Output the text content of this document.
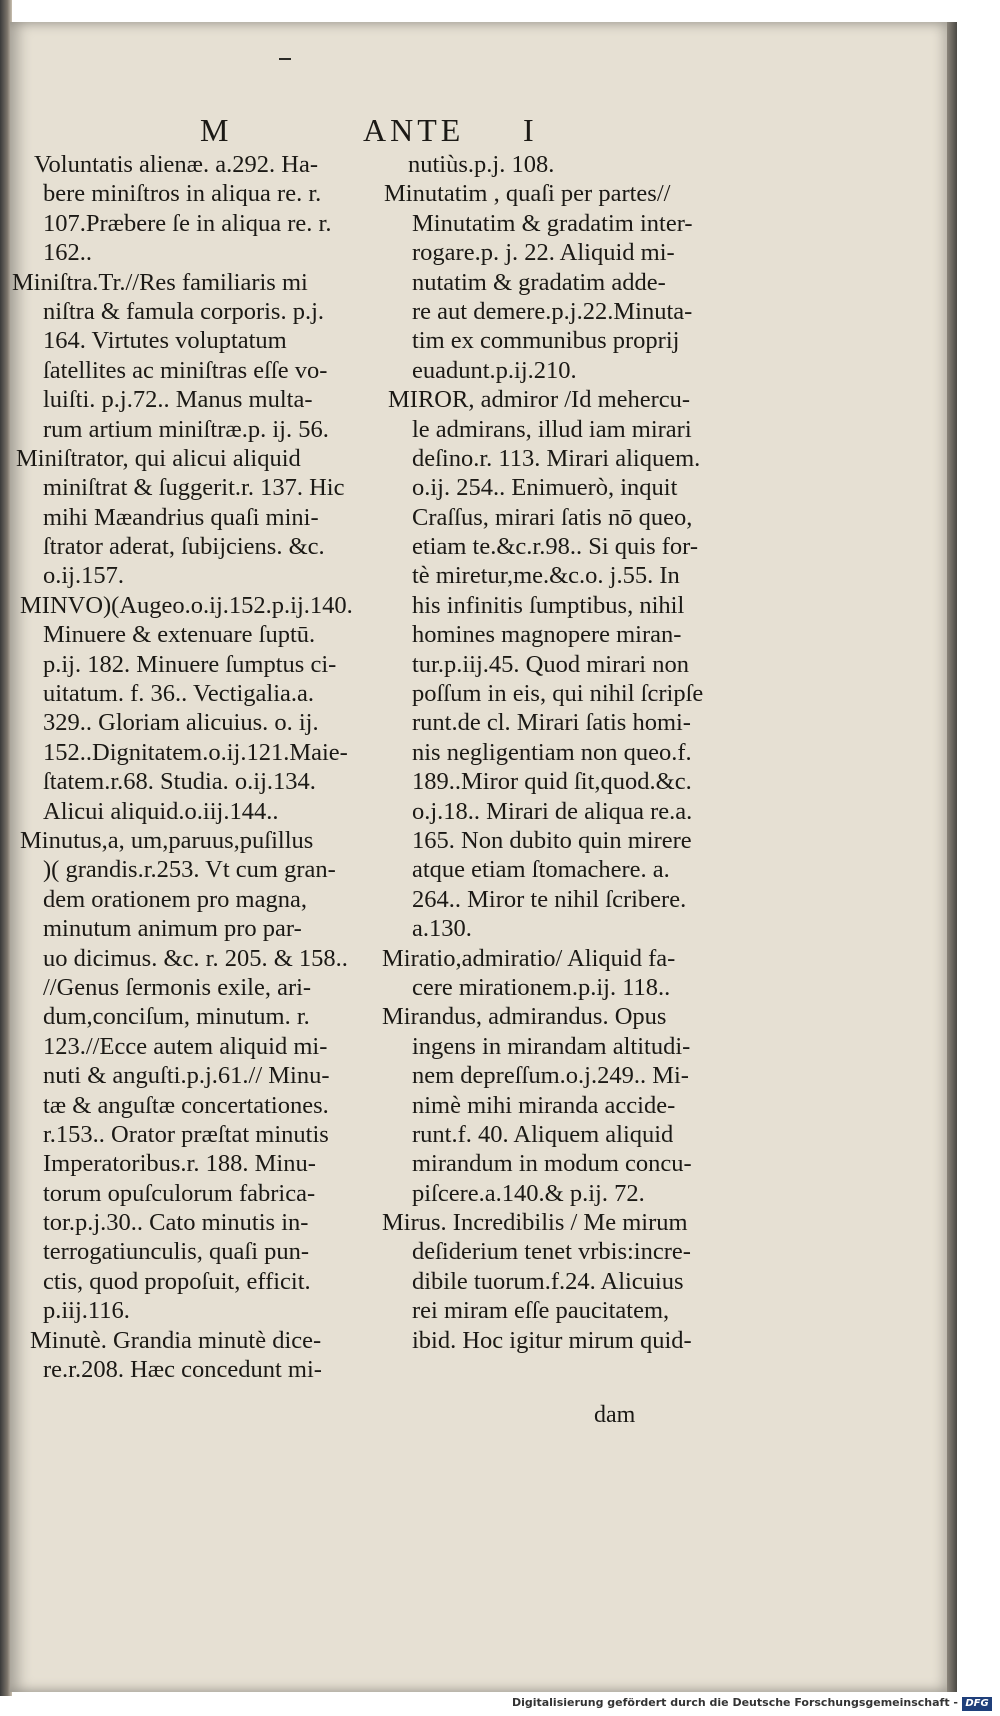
M	ANTE I
Voluntatis alienæ. a.292. Ha-
bere miniſtros in aliqua re. r.
107.Præbere ſe in aliqua re. r.
162..
Miniſtra.Tr.//Res familiaris mi
niſtra & famula corporis. p.j.
164. Virtutes voluptatum
ſatellites ac miniſtras eſſe vo-
luiſti. p.j.72.. Manus multa-
rum artium miniſtræ.p. ij. 56.
Miniſtrator, qui alicui aliquid
miniſtrat & ſuggerit.r. 137. Hic
mihi Mæandrius quaſi mini-
ſtrator aderat, ſubijciens. &c.
o.ij.157.
MINVO)(Augeo.o.ij.152.p.ij.140.
Minuere & extenuare ſuptū.
p.ij. 182. Minuere ſumptus ci-
uitatum. f. 36.. Vectigalia.a.
329.. Gloriam alicuius. o. ij.
152..Dignitatem.o.ij.121.Maie-
ſtatem.r.68. Studia. o.ij.134.
Alicui aliquid.o.iij.144..
Minutus,a, um,paruus,puſillus
)( grandis.r.253. Vt cum gran-
dem orationem pro magna,
minutum animum pro par-
uo dicimus. &c. r. 205. & 158..
//Genus ſermonis exile, ari-
dum,conciſum, minutum. r.
123.//Ecce autem aliquid mi-
nuti & anguſti.p.j.61.// Minu-
tæ & anguſtæ concertationes.
r.153.. Orator præſtat minutis
Imperatoribus.r. 188. Minu-
torum opuſculorum fabrica-
tor.p.j.30.. Cato minutis in-
terrogatiunculis, quaſi pun-
ctis, quod propoſuit, efficit.
p.iij.116.
Minutè. Grandia minutè dice-
re.r.208. Hæc concedunt mi-
nutiùs.p.j. 108.
Minutatim , quaſi per partes//
Minutatim & gradatim inter-
rogare.p. j. 22. Aliquid mi-
nutatim & gradatim adde-
re aut demere.p.j.22.Minuta-
tim ex communibus proprij
euadunt.p.ij.210.
MIROR, admiror /Id mehercu-
le admirans, illud iam mirari
deſino.r. 113. Mirari aliquem.
o.ij. 254.. Enimuerò, inquit
Craſſus, mirari ſatis nō queo,
etiam te.&c.r.98.. Si quis for-
tè miretur,me.&c.o. j.55. In
his infinitis ſumptibus, nihil
homines magnopere miran-
tur.p.iij.45. Quod mirari non
poſſum in eis, qui nihil ſcripſe
runt.de cl. Mirari ſatis homi-
nis negligentiam non queo.f.
189..Miror quid ſit,quod.&c.
o.j.18.. Mirari de aliqua re.a.
165. Non dubito quin mirere
atque etiam ſtomachere. a.
264.. Miror te nihil ſcribere.
a.130.
Miratio,admiratio/ Aliquid fa-
cere mirationem.p.ij. 118..
Mirandus, admirandus. Opus
ingens in mirandam altitudi-
nem depreſſum.o.j.249.. Mi-
nimè mihi miranda accide-
runt.f. 40. Aliquem aliquid
mirandum in modum concu-
piſcere.a.140.& p.ij. 72.
Mirus. Incredibilis / Me mirum
deſiderium tenet vrbis:incre-
dibile tuorum.f.24. Alicuius
rei miram eſſe paucitatem,
ibid. Hoc igitur mirum quid-
dam
Digitalisierung gefördert durch die Deutsche Forschungsgemeinschaft - DFG
